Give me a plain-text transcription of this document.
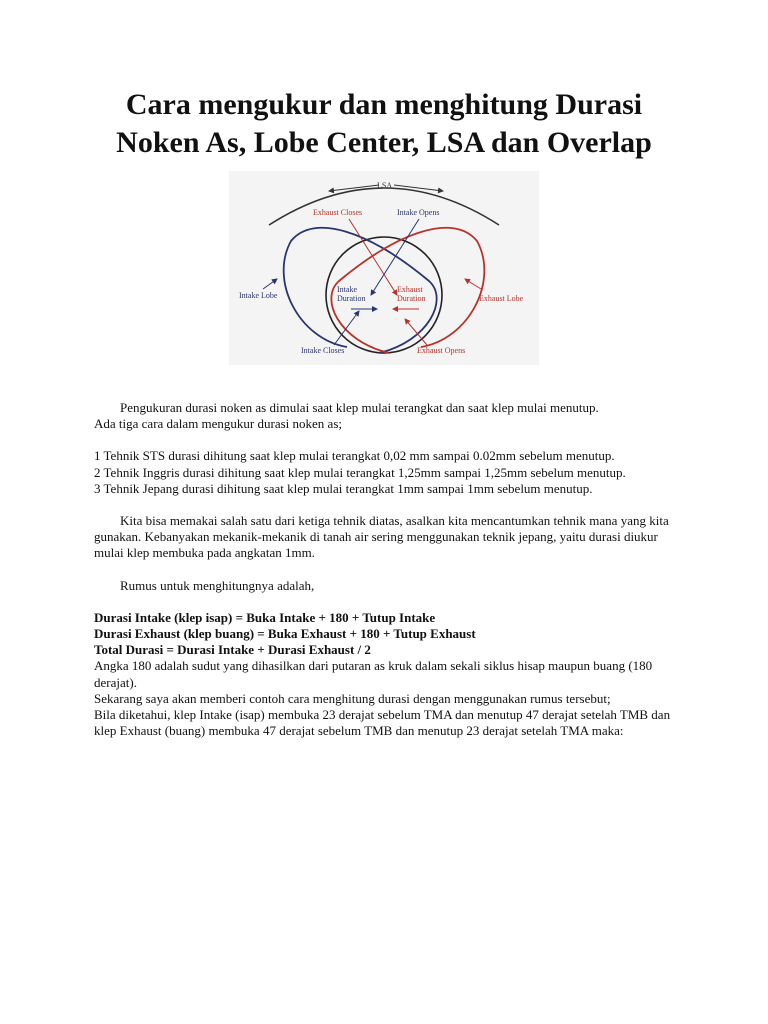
Cara mengukur dan menghitung Durasi
Noken As, Lobe Center, LSA dan Overlap
LSA
Exhaust Closes	Intake Opens
Intake Lobe	Exhaust Lobe
Intake
Duration
Exhaust
Duration
Intake Closes	Exhaust Opens

Pengukuran durasi noken as dimulai saat klep mulai terangkat dan saat klep mulai menutup.

Ada tiga cara dalam mengukur durasi noken as;

1 Tehnik STS durasi dihitung saat klep mulai terangkat 0,02 mm sampai 0.02mm sebelum menutup.

2 Tehnik Inggris durasi dihitung saat klep mulai terangkat 1,25mm sampai 1,25mm sebelum menutup.

3 Tehnik Jepang durasi dihitung saat klep mulai terangkat 1mm sampai 1mm sebelum menutup.

Kita bisa memakai salah satu dari ketiga tehnik diatas, asalkan kita mencantumkan tehnik mana yang kita gunakan. Kebanyakan mekanik-mekanik di tanah air sering menggunakan teknik jepang, yaitu durasi diukur mulai klep membuka pada angkatan 1mm.

Rumus untuk menghitungnya adalah,

Durasi Intake (klep isap) = Buka Intake + 180 + Tutup Intake

Durasi Exhaust (klep buang) = Buka Exhaust + 180 + Tutup Exhaust

Total Durasi = Durasi Intake + Durasi Exhaust / 2

Angka 180 adalah sudut yang dihasilkan dari putaran as kruk dalam sekali siklus hisap maupun buang (180 derajat).

Sekarang saya akan memberi contoh cara menghitung durasi dengan menggunakan rumus tersebut;

Bila diketahui, klep Intake (isap) membuka 23 derajat sebelum TMA dan menutup 47 derajat setelah TMB dan klep Exhaust (buang) membuka 47 derajat sebelum TMB dan menutup 23 derajat setelah TMA maka:
